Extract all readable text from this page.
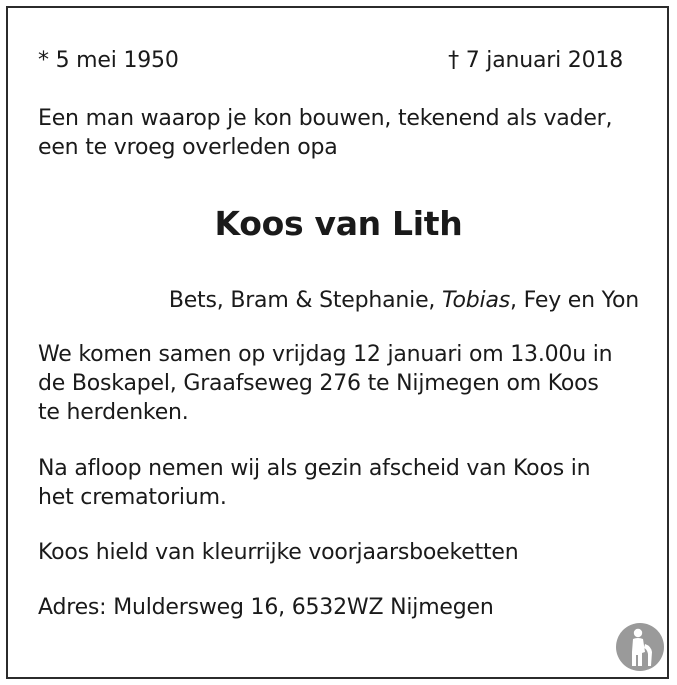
* 5 mei 1950	† 7 januari 2018
Een man waarop je kon bouwen, tekenend als vader,
een te vroeg overleden opa
Koos van Lith
Bets, Bram & Stephanie, Tobias, Fey en Yon
We komen samen op vrijdag 12 januari om 13.00u in
de Boskapel, Graafseweg 276 te Nijmegen om Koos
te herdenken.
Na afloop nemen wij als gezin afscheid van Koos in
het crematorium.
Koos hield van kleurrijke voorjaarsboeketten
Adres: Muldersweg 16, 6532WZ Nijmegen
